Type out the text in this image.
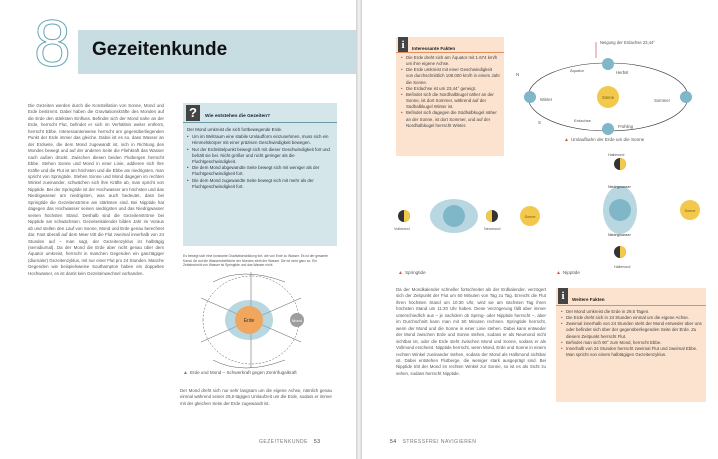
8 Gezeitenkunde
Die Gezeiten werden durch die Konstellation von Sonne, Mond und Erde bestimmt. Dabei haben die Gravitationskräfte des Mondes auf die Erde den stärksten Einfluss. Befindet sich der Mond nahe an der Erde, herrscht Flut, befindet er sich im Verhältnis weiter entfernt, herrscht Ebbe. Interessanterweise herrscht am gegenüberliegenden Punkt der Erde immer das gleiche. Dabei ist es so, dass Wasser an der Erdseite, die dem Mond zugewandt ist, sich in Richtung des Mondes bewegt und auf der anderen Seite die Fliehkraft das Wasser nach außen drückt. Zwischen diesen beiden Flutbergen herrscht Ebbe. Stehen Sonne und Mond in einer Linie, addieren sich ihre Kräfte und die Flut ist am höchsten und die Ebbe am niedrigsten, man spricht von Springtide. Stehen Sonne und Mond dagegen im rechten Winkel zueinander, schwächen sich ihre Kräfte ab, man spricht von Nipptide. Bei der Springtide ist der Hochwasser am höchsten und das Niedrigwasser am niedrigsten, was auch bedeutet, dass bei Springtide die Gezeitenströme am stärksten sind. Bei Nipptide hat dagegen das Hochwasser seinen niedrigsten und das Niedrigwasser seinen höchsten Stand. Deshalb sind die Gezeitenströme bei Nipptide am schwächsten. Gezeitenkalender bilden Jahr im Voraus ab und stellen den Lauf von Sonne, Mond und Erde genau berechnet dar. Fast überall auf dem Meer tritt die Flut zweimal innerhalb von 24 Stunden auf – man sagt, der Gezeitenzyklus ist halbtägig (semidiurnal). Da der Mond die Erde aber nicht genau über dem Äquator umkreist, herrscht in manchen Gegenden ein ganztägiger (diurnaler) Gezeitenzyklus, mit nur einer Flut pro 24 Stunden. Manche Gegenden wie beispielsweise Southampton haben ein doppeltes Hochwasser, es ist damit kein Gezeitenwechsel vorhanden.
?	Wie entstehen die Gezeiten?
Der Mond umkreist die sich fortbewegende Erde.
• Um im Weltraum eine stabile Umlaufform einzunehmen, muss sich ein Himmelskörper mit einer präzisen Geschwindigkeit bewegen.
• Nur der Erdmittelpunkt bewegt sich mit dieser Geschwindigkeit fort und behält sie bei. Nicht größer und nicht geringer als die Fluchtgeschwindigkeit.
• Die dem Mond abgewandte Seite bewegt sich mit weniger als der Fluchtgeschwindigkeit fort.
• Die dem Mond zugewandte Seite bewegt sich mit mehr als der Fluchtgeschwindigkeit fort.
Es bewegt sich eine konstante Gravitationsbildung fort, die von Erde zu Wasser. Es ist der gesamte Kanal. Ab auf die Wasseroberfläche der Mondes zieht der Wasser. Die ist nicht ganz so. Ein Zeitabschnitt von Wasser ist Springtide und das Wasser nicht.
Erde	Mond
▲ Erde und Mond – Schwerkraft gegen Zentrifugalkraft
Der Mond dreht sich nur sehr langsam um die eigene Achse, nämlich genau einmal während seiner 29,5-tägigen Umlaufzeit um die Erde, sodass er immer mit der gleichen Seite der Erde zugewandt ist.
GEZEITENKUNDE 53
i	Interessante Fakten
• Die Erde dreht sich am Äquator mit 1.674 km/h um ihre eigene Achse.
• Die Erde umkreist mit einer Geschwindigkeit von durchschnittlich 108.000 km/h in einem Jahr die Sonne.
• Die Erdachse ist um 23,44° geneigt.
• Befindet sich die Nordhalbkugel näher an der Sonne, ist dort Sommer, während auf der Südhalbkugel Winter ist.
• Befindet sich dagegen die Südhalbkugel näher an der Sonne, ist dort Sommer, und auf der Nordhalbkugel herrscht Winter.
Neigung der Erdachse 23,44°
Sonne
Frühling
Sommer
Herbst
Winter
Äquator
Erdachse
N
S
▲ Umlaufbahn der Erde um die Sonne
Vollmond	Neumond
Sonne
▲ Springtide
Halbmond
Niedrigwasser
Niedrigwasser
Halbmond
Sonne
▲ Nipptide
Da der Mondkalender schneller fortschreitet als der Erdkalender, verzögert sich der Zeitpunkt der Flut um 50 Minuten von Tag zu Tag. Erreicht die Flut ihren höchsten Stand um 10:30 Uhr, wird sie am nächsten Tag ihren höchsten Stand um 11:20 Uhr haben. Diese Verzögerung fällt aber immer unterschiedlich aus – je nachdem ob Spring- oder Nipptide herrscht –, aber im Durchschnitt kann man mit 50 Minuten rechnen. Springtide herrscht, wenn der Mond und die Sonne in einer Linie stehen. Dabei kann entweder der Mond zwischen Erde und Sonne stehen, sodass er als Neumond nicht sichtbar ist, oder die Erde steht zwischen Mond und Sonne, sodass er als Vollmond erscheint. Nipptide herrscht, wenn Mond, Erde und Sonne in einem rechten Winkel zueinander stehen, sodass der Mond als Halbmond sichtbar ist. Dabei entstehen Flutberge, die weniger stark ausgeprägt sind. Bei Nipptide tritt der Mond im rechten Winkel zur Sonne, so ist es als Sicht zu sehen, sodass herrscht Nipptide.
i	Weitere Fakten
• Der Mond umkreist die Erde in 29,5 Tagen.
• Die Erde dreht sich in 24 Stunden einmal um die eigene Achse.
• Zweimal innerhalb von 24 Stunden steht der Mond entweder über uns oder befindet sich über der gegenüberliegenden Seite der Erde. Zu diesem Zeitpunkt herrscht Flut.
• Befindet man sich 90° zum Mond, herrscht Ebbe.
• Innerhalb von 24 Stunden herrscht zweimal Flut und zweimal Ebbe. Man spricht von einem halbtägigen Gezeitenzyklus.
54 STRESSFREI NAVIGIEREN
